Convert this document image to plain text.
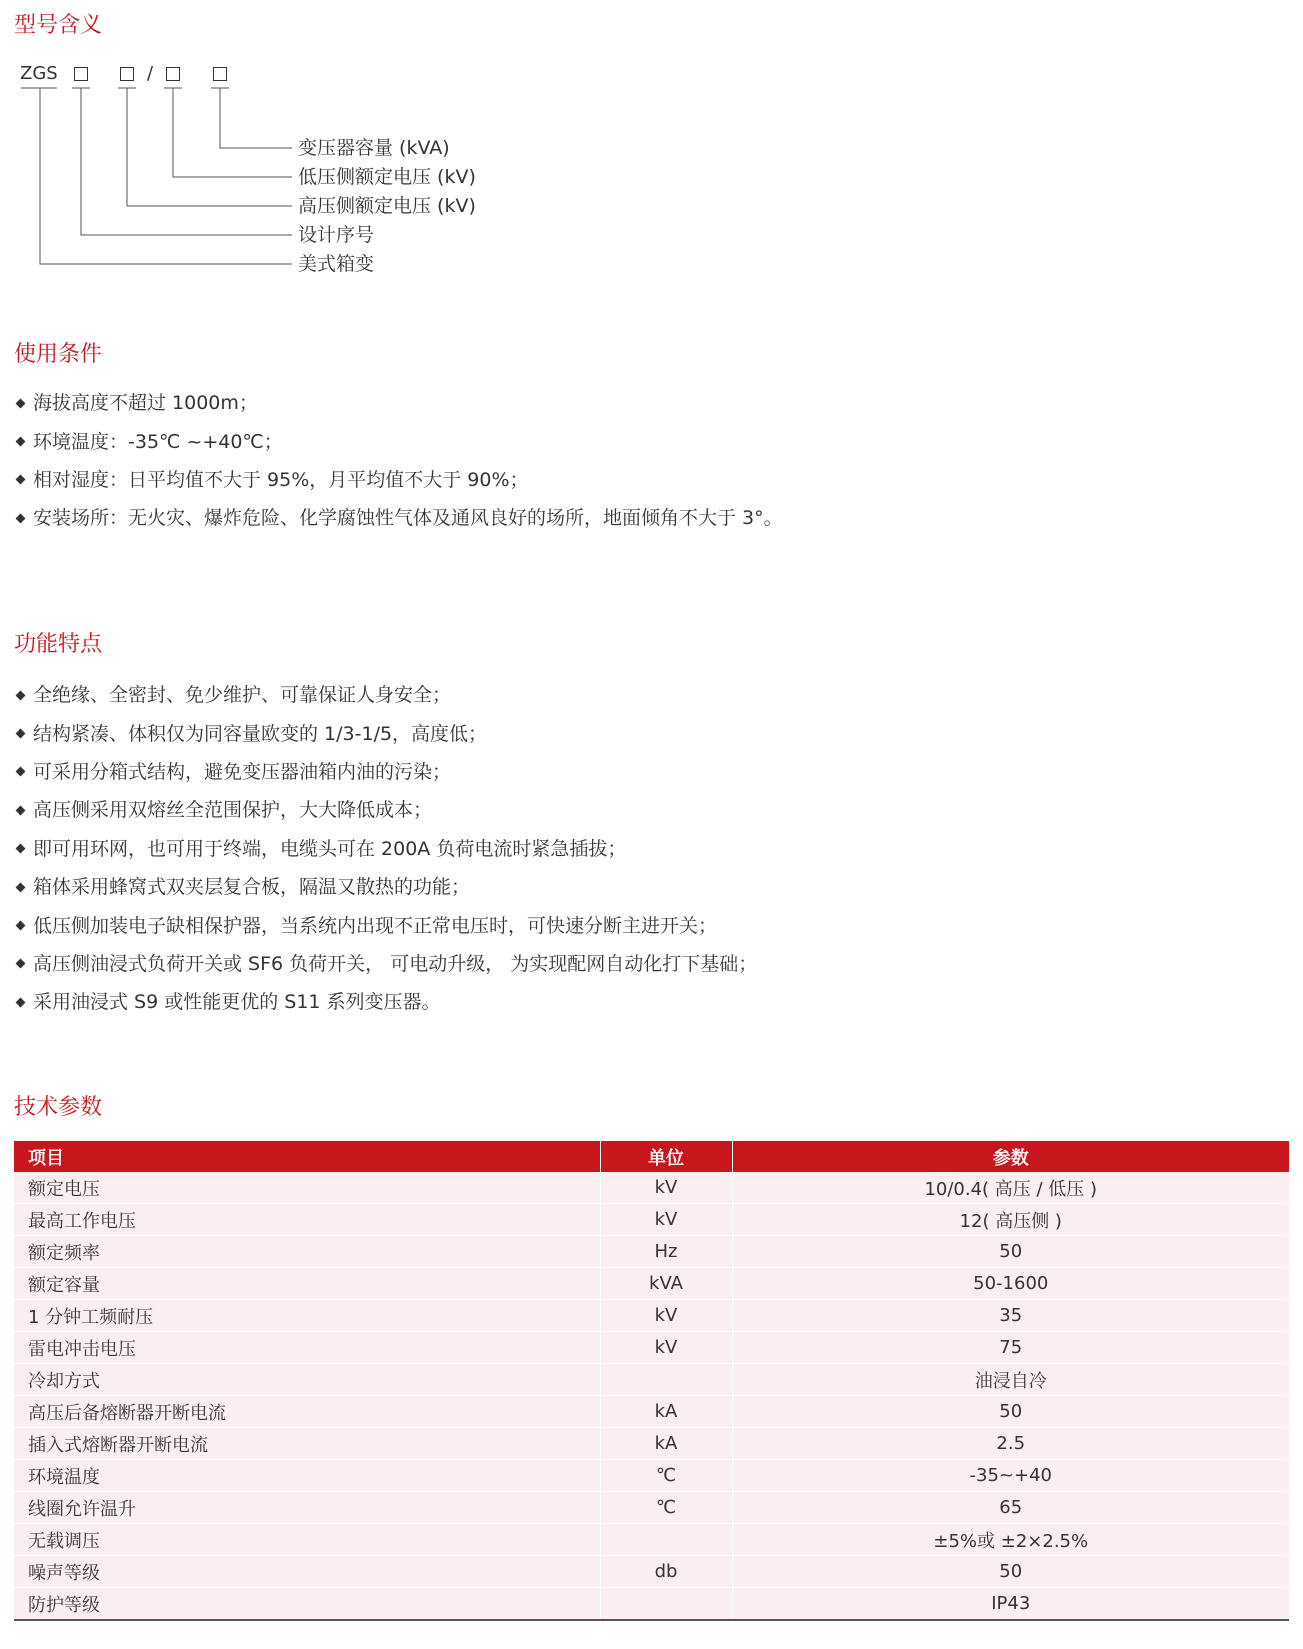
型号含义
ZGS	/
变压器容量 (kVA)
低压侧额定电压 (kV)
高压侧额定电压 (kV)
设计序号
美式箱变
使用条件
海拔高度不超过 1000m；
环境温度：-35℃ ~+40℃；
相对湿度：日平均值不大于 95%，月平均值不大于 90%；
安装场所：无火灾、爆炸危险、化学腐蚀性气体及通风良好的场所，地面倾角不大于 3°。
功能特点
全绝缘、全密封、免少维护、可靠保证人身安全；
结构紧凑、体积仅为同容量欧变的 1/3-1/5，高度低；
可采用分箱式结构，避免变压器油箱内油的污染；
高压侧采用双熔丝全范围保护，大大降低成本；
即可用环网，也可用于终端，电缆头可在 200A 负荷电流时紧急插拔；
箱体采用蜂窝式双夹层复合板，隔温又散热的功能；
低压侧加装电子缺相保护器，当系统内出现不正常电压时，可快速分断主进开关；
高压侧油浸式负荷开关或 SF6 负荷开关， 可电动升级， 为实现配网自动化打下基础；
采用油浸式 S9 或性能更优的 S11 系列变压器。
技术参数
项目	单位	参数
额定电压	kV	10/0.4( 高压 / 低压 )
最高工作电压	kV	12( 高压侧 )
额定频率	Hz	50
额定容量	kVA	50-1600
1 分钟工频耐压	kV	35
雷电冲击电压	kV	75
冷却方式		油浸自冷
高压后备熔断器开断电流	kA	50
插入式熔断器开断电流	kA	2.5
环境温度	℃	-35~+40
线圈允许温升	℃	65
无载调压		±5%或 ±2×2.5%
噪声等级	db	50
防护等级		IP43
